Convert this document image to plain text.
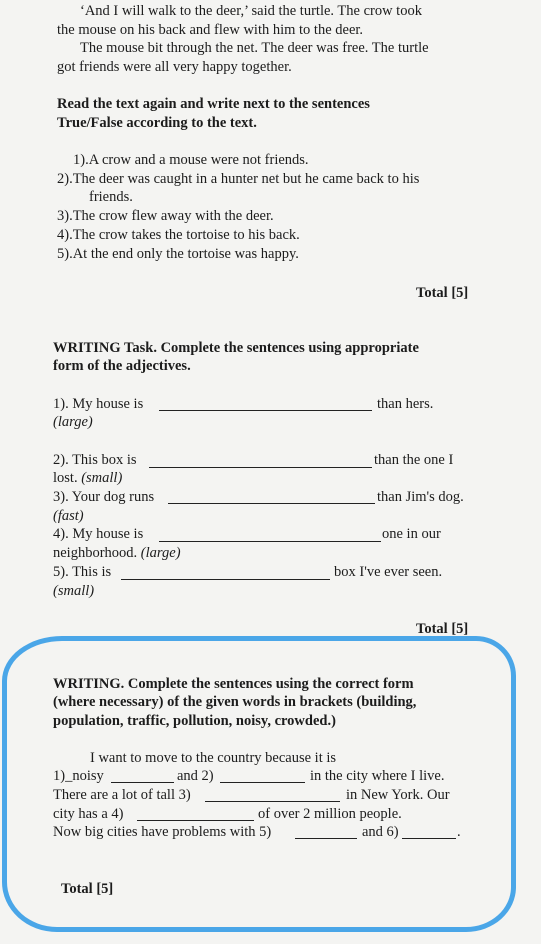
‘And I will walk to the deer,’ said the turtle. The crow took
the mouse on his back and flew with him to the deer.
The mouse bit through the net. The deer was free. The turtle
got friends were all very happy together.
Read the text again and write next to the sentences
True/False according to the text.
1).A crow and a mouse were not friends.
2).The deer was caught in a hunter net but he came back to his
friends.
3).The crow flew away with the deer.
4).The crow takes the tortoise to his back.
5).At the end only the tortoise was happy.
Total [5]
WRITING Task. Complete the sentences using appropriate
form of the adjectives.
1). My house is	than hers.
(large)
2). This box is	than the one I
lost. (small)
3). Your dog runs	than Jim's dog.
(fast)
4). My house is	one in our
neighborhood. (large)
5). This is	box I've ever seen.
(small)
Total [5]
WRITING. Complete the sentences using the correct form
(where necessary) of the given words in brackets (building,
population, traffic, pollution, noisy, crowded.)
I want to move to the country because it is
1)_noisy	and 2)	in the city where I live.
There are a lot of tall 3)	in New York. Our
city has a 4)	of over 2 million people.
Now big cities have problems with 5)	and 6)	.
Total [5]
